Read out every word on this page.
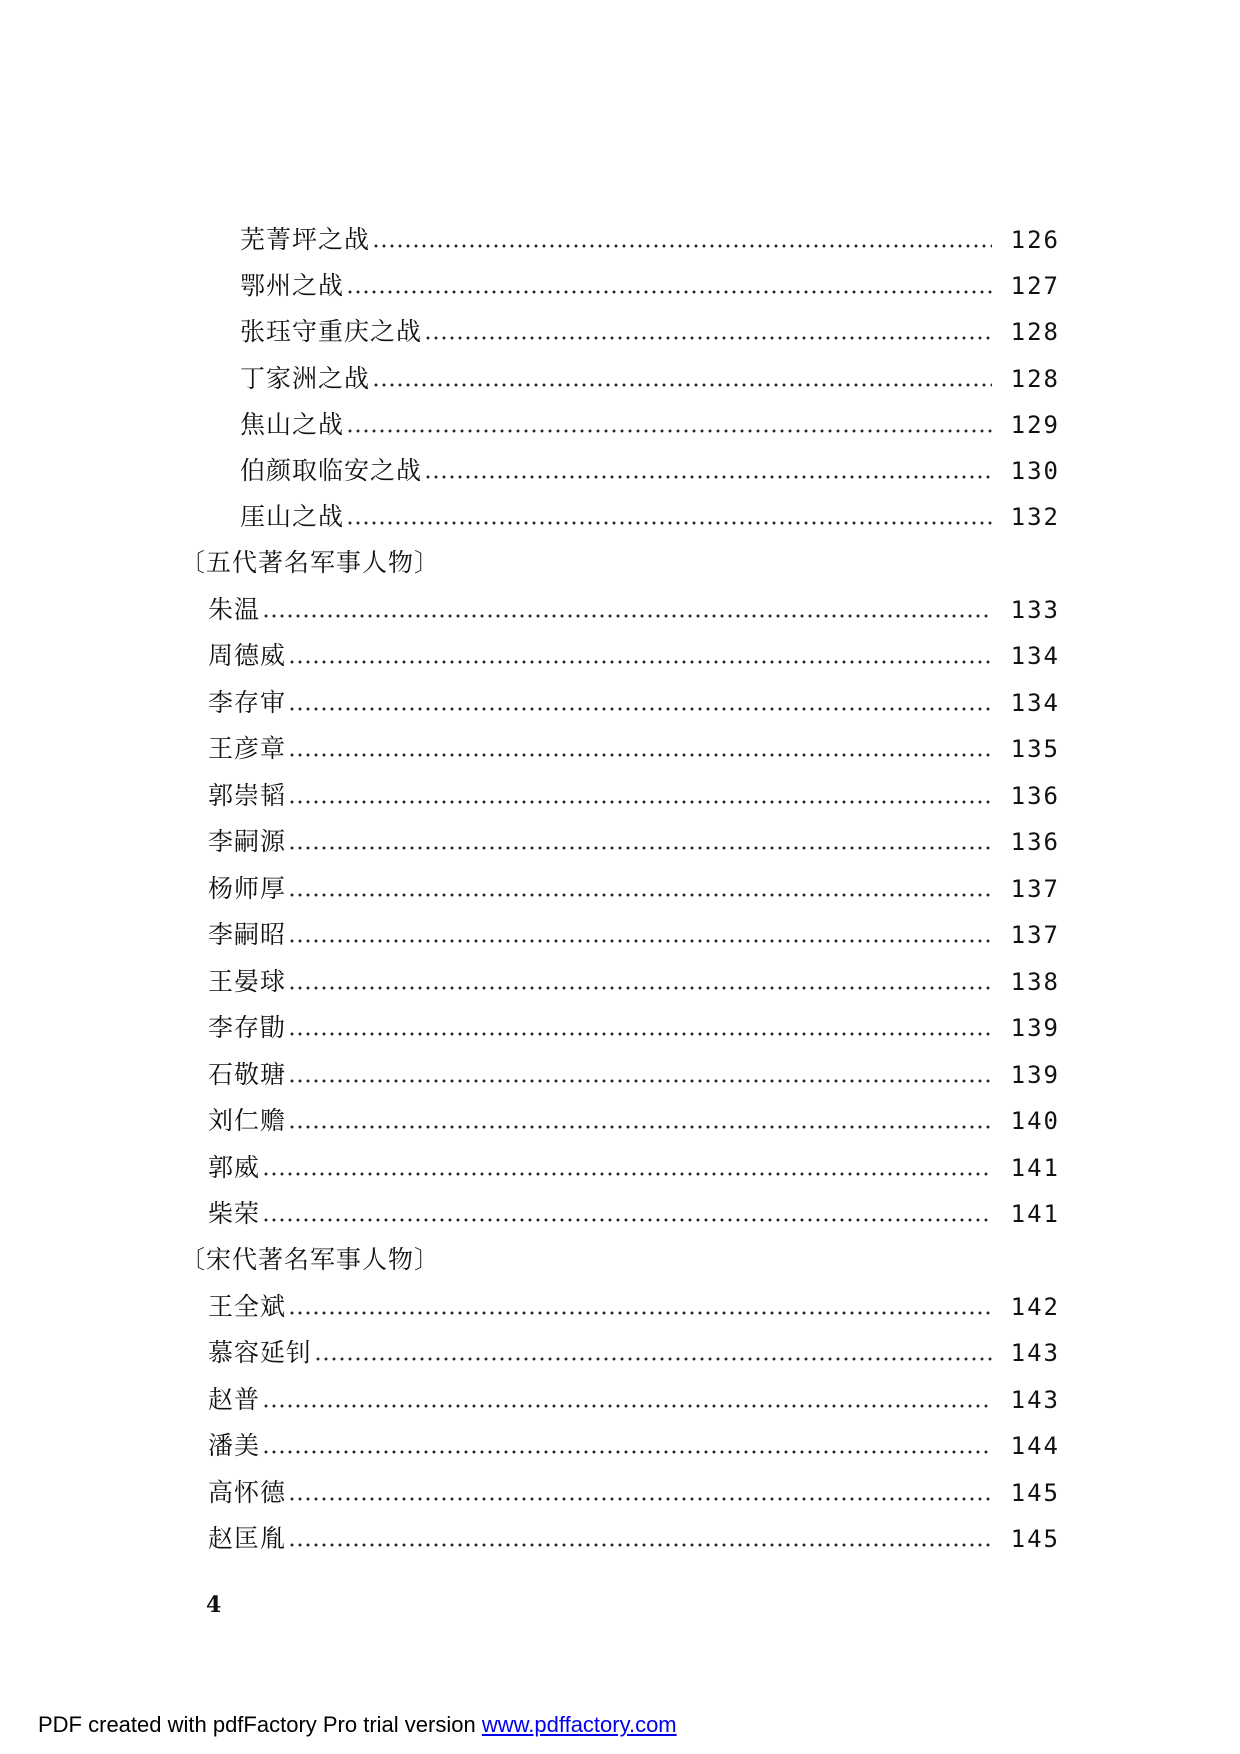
芜菁坪之战	126
鄂州之战	127
张珏守重庆之战	128
丁家洲之战	128
焦山之战	129
伯颜取临安之战	130
厓山之战	132
〔五代著名军事人物〕
朱温	133
周德威	134
李存审	134
王彦章	135
郭崇韬	136
李嗣源	136
杨师厚	137
李嗣昭	137
王晏球	138
李存勖	139
石敬瑭	139
刘仁赡	140
郭威	141
柴荣	141
〔宋代著名军事人物〕
王全斌	142
慕容延钊	143
赵普	143
潘美	144
高怀德	145
赵匡胤	145
4
PDF created with pdfFactory Pro trial version www.pdffactory.com
